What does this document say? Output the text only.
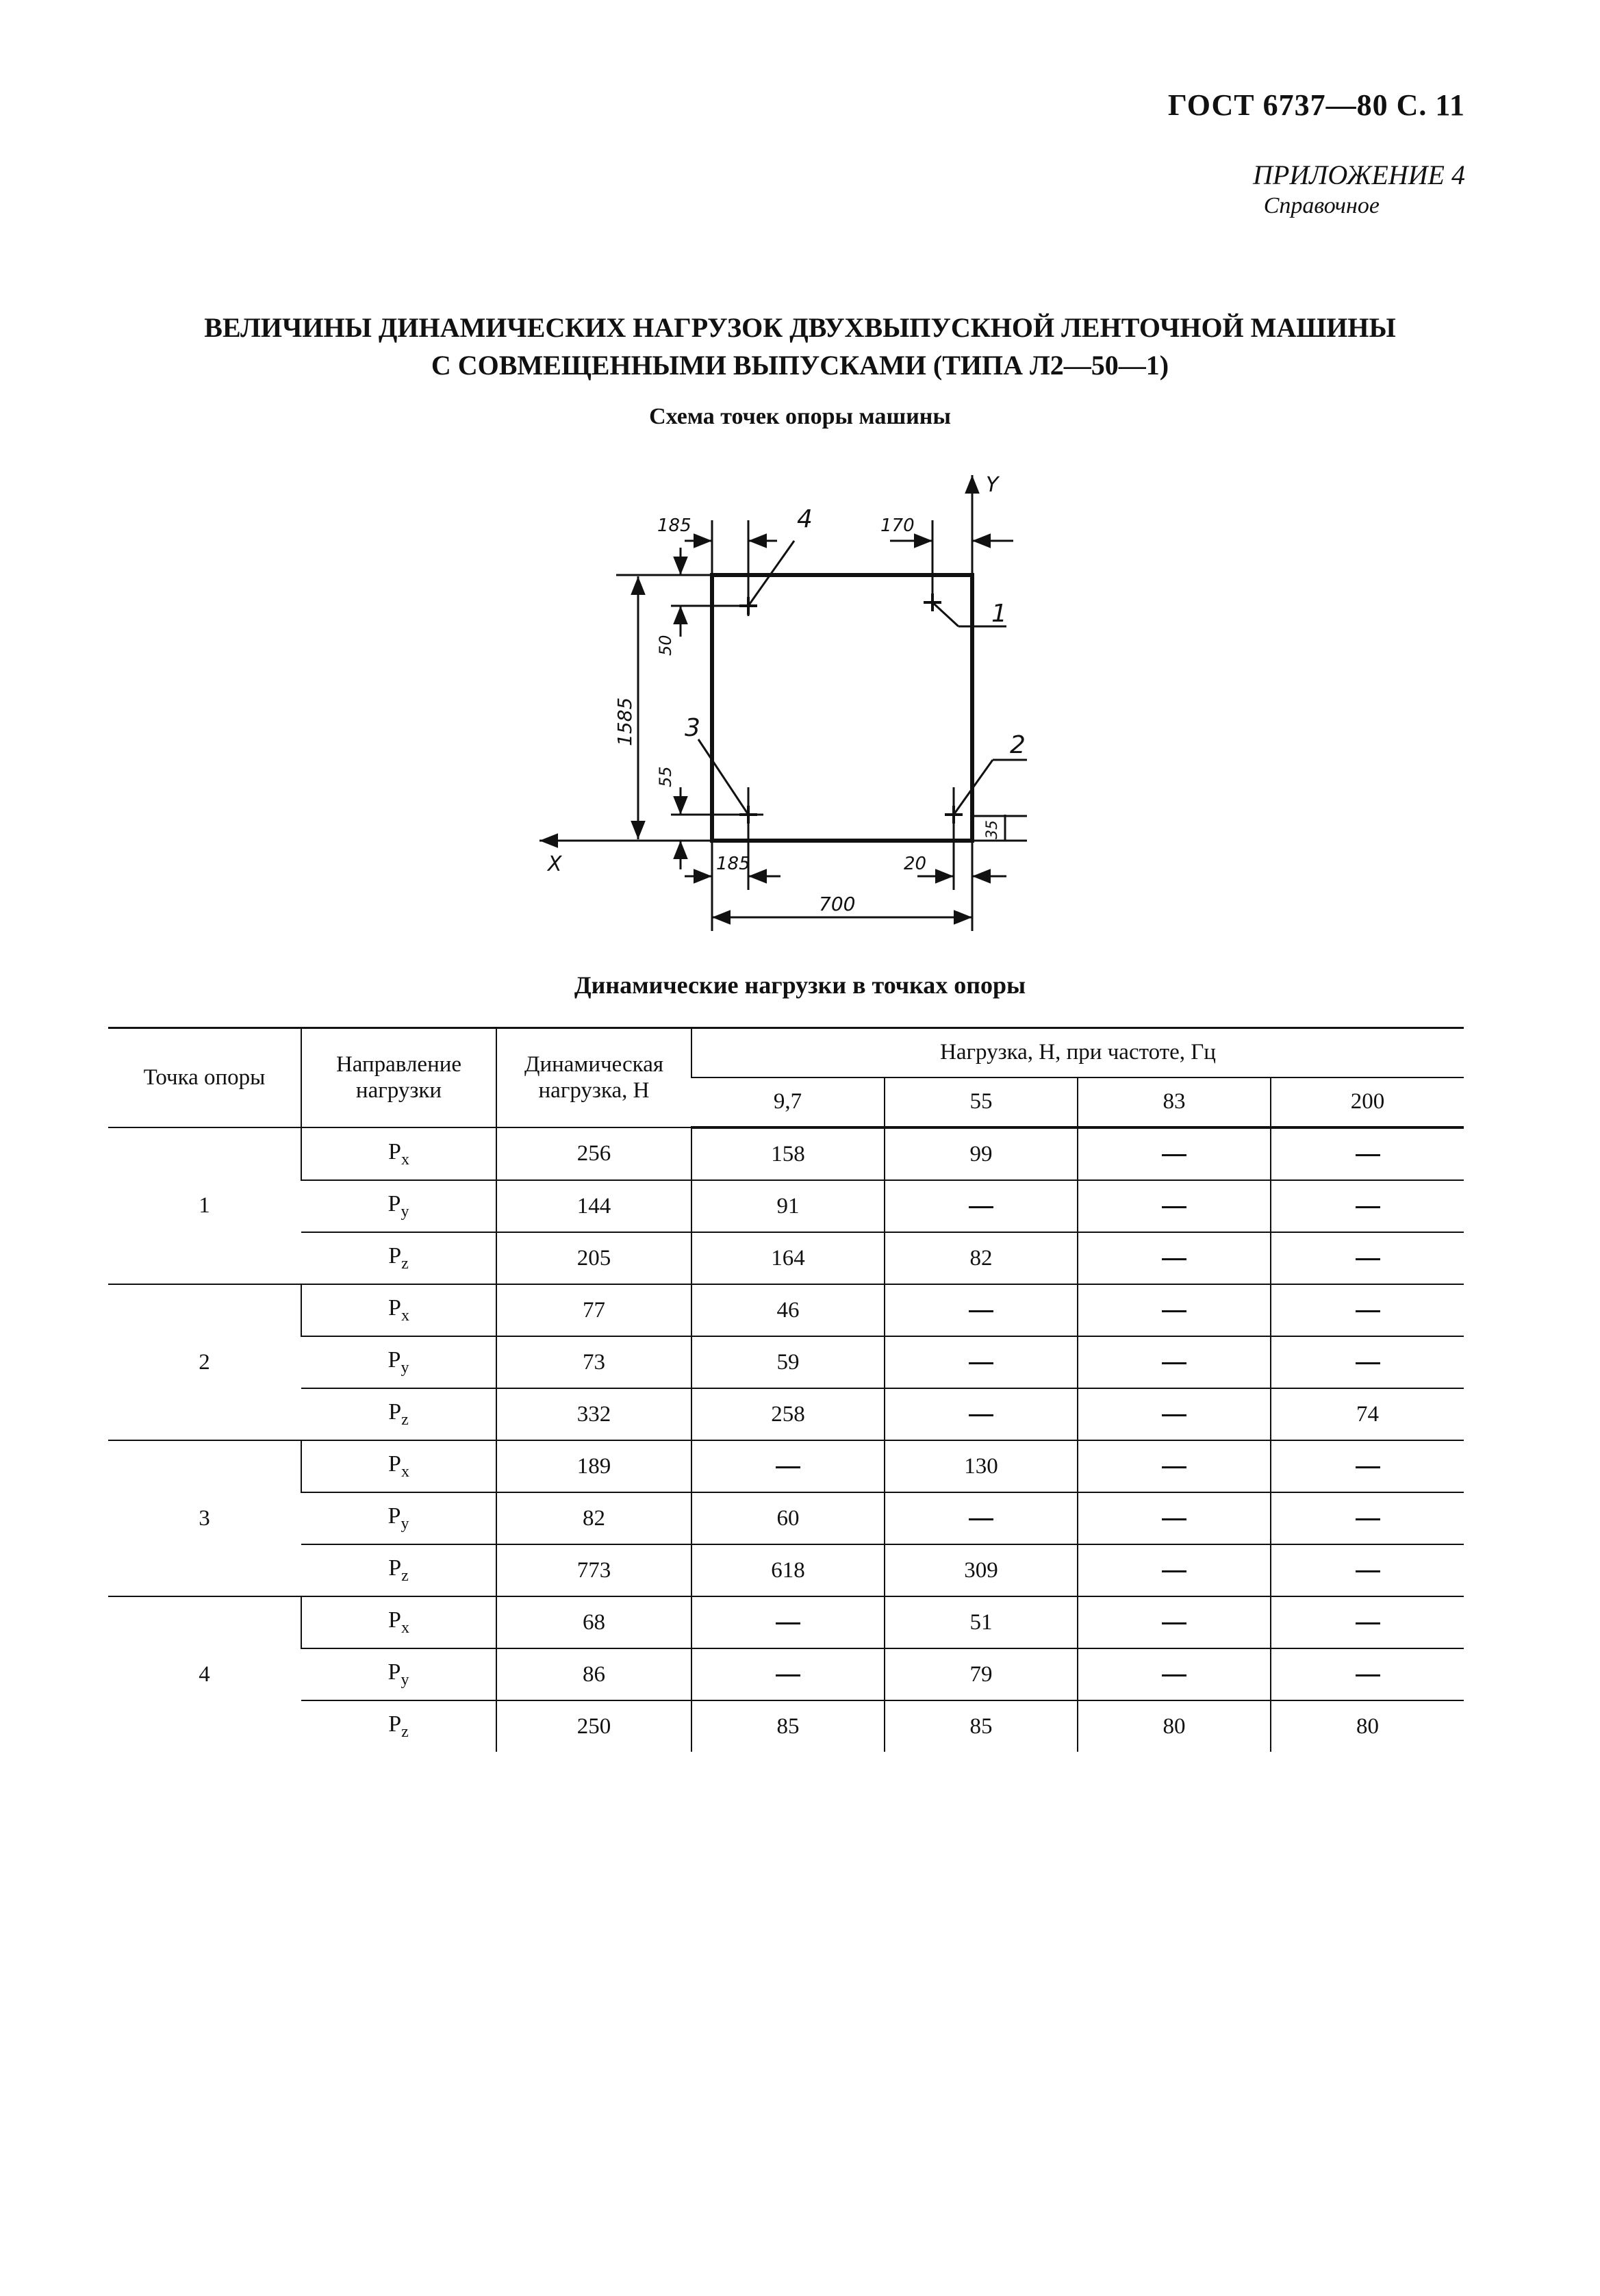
ГОСТ 6737—80 С. 11
ПРИЛОЖЕНИЕ 4
Справочное
ВЕЛИЧИНЫ ДИНАМИЧЕСКИХ НАГРУЗОК ДВУХВЫПУСКНОЙ ЛЕНТОЧНОЙ МАШИНЫ
С СОВМЕЩЕННЫМИ ВЫПУСКАМИ (ТИПА Л2—50—1)
Схема точек опоры машины
X
Y
4
1
3
2
185	170
185	20
700
1585
50
55
35
Динамические нагрузки в точках опоры
Точка опоры	Направление нагрузки	Динамическая нагрузка, Н	Нагрузка, Н, при частоте, Гц			
			9,7	55	83	200
1	$P_x$	256	158	99		
	$P_y$	144	91			
	$P_z$	205	164	82		
2	$P_x$	77	46			
	$P_y$	73	59			
	$P_z$	332	258			74
3	$P_x$	189		130		
	$P_y$	82	60			
	$P_z$	773	618	309		
4	$P_x$	68		51		
	$P_y$	86		79		
	$P_z$	250	85	85	80	80
